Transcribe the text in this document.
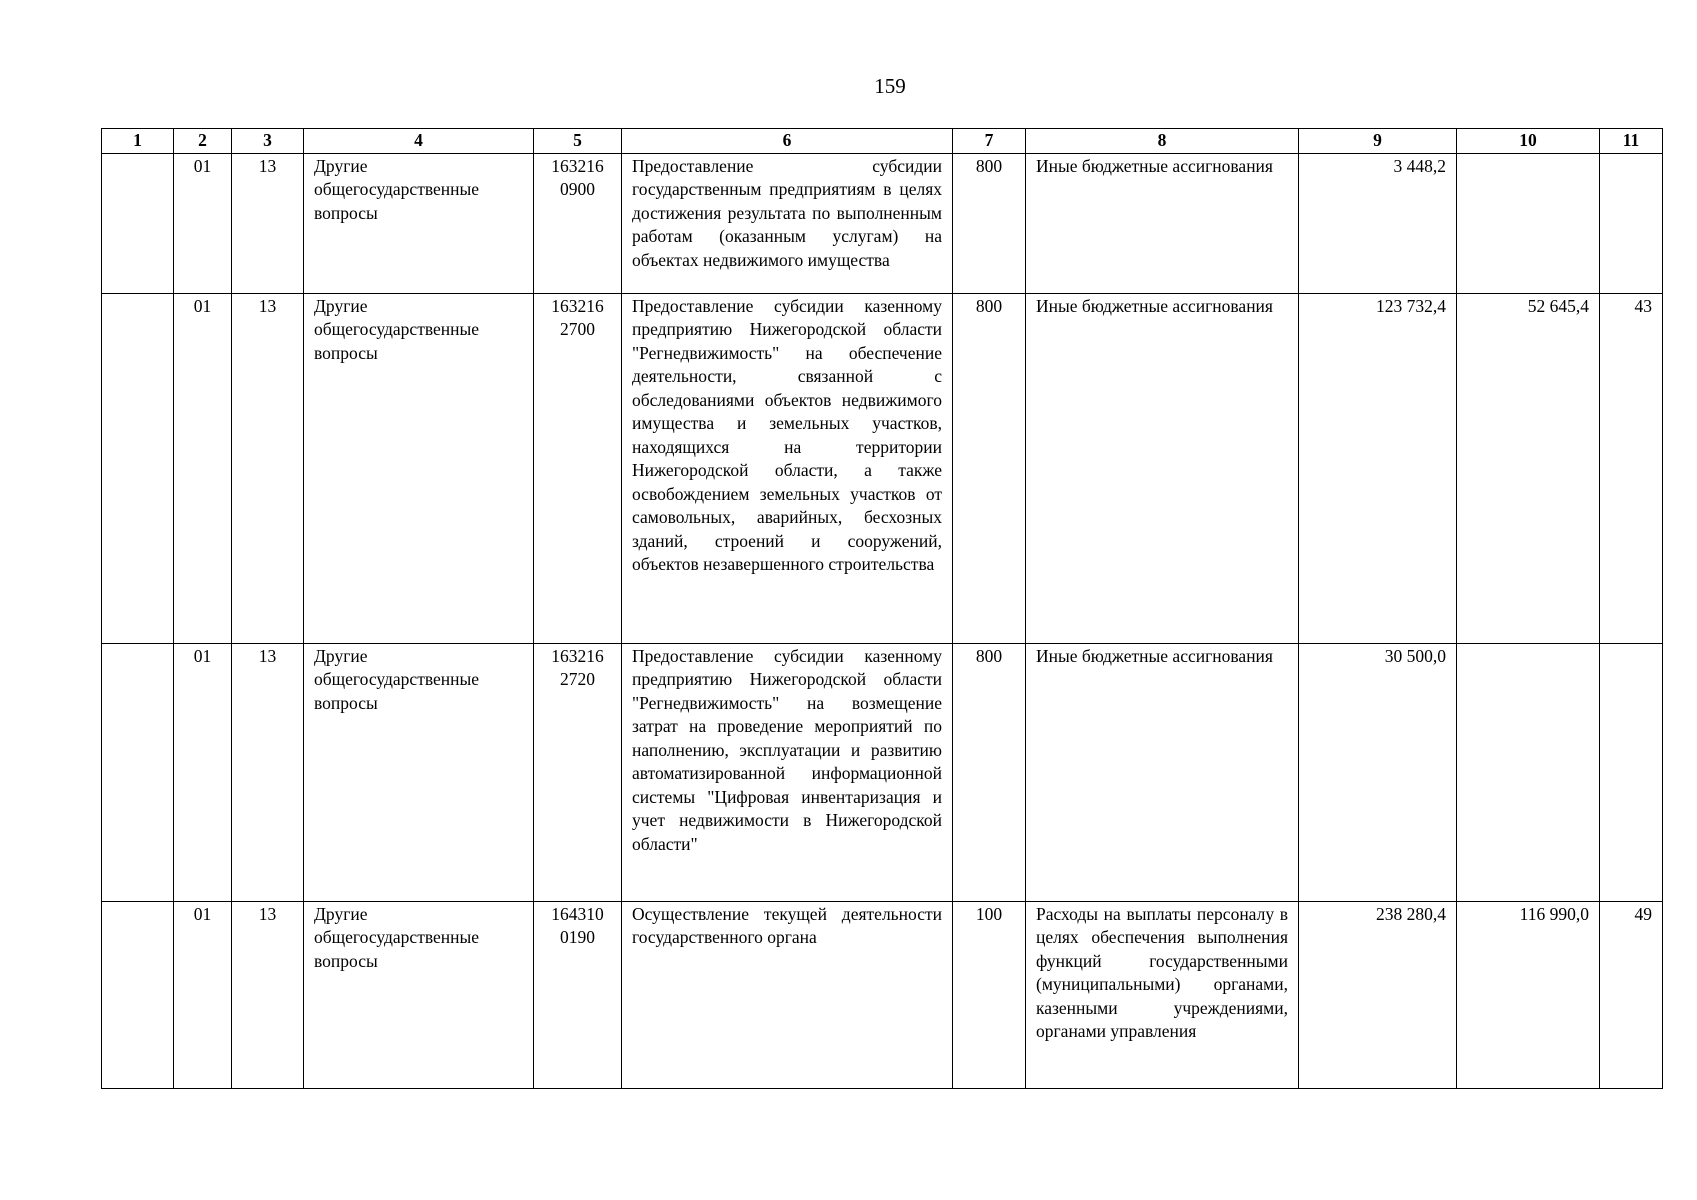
159
1	2	3	4	5	6	7	8	9	10	11
	01	13	Другие общегосударственные вопросы	163216 0900	Предоставление субсидии государственным предприятиям в целях достижения результата по выполненным работам (оказанным услугам) на объектах недвижимого имущества	800	Иные бюджетные ассигнования	3 448,2		
	01	13	Другие общегосударственные вопросы	163216 2700	Предоставление субсидии казенному предприятию Нижегородской области "Регнедвижимость" на обеспечение деятельности, связанной с обследованиями объектов недвижимого имущества и земельных участков, находящихся на территории Нижегородской области, а также освобождением земельных участков от самовольных, аварийных, бесхозных зданий, строений и сооружений, объектов незавершенного строительства	800	Иные бюджетные ассигнования	123 732,4	52 645,4	43
	01	13	Другие общегосударственные вопросы	163216 2720	Предоставление субсидии казенному предприятию Нижегородской области "Регнедвижимость" на возмещение затрат на проведение мероприятий по наполнению, эксплуатации и развитию автоматизированной информационной системы "Цифровая инвентаризация и учет недвижимости в Нижегородской области"	800	Иные бюджетные ассигнования	30 500,0		
	01	13	Другие общегосударственные вопросы	164310 0190	Осуществление текущей деятельности государственного органа	100	Расходы на выплаты персоналу в целях обеспечения выполнения функций государственными (муниципальными) органами, казенными учреждениями, органами управления	238 280,4	116 990,0	49
